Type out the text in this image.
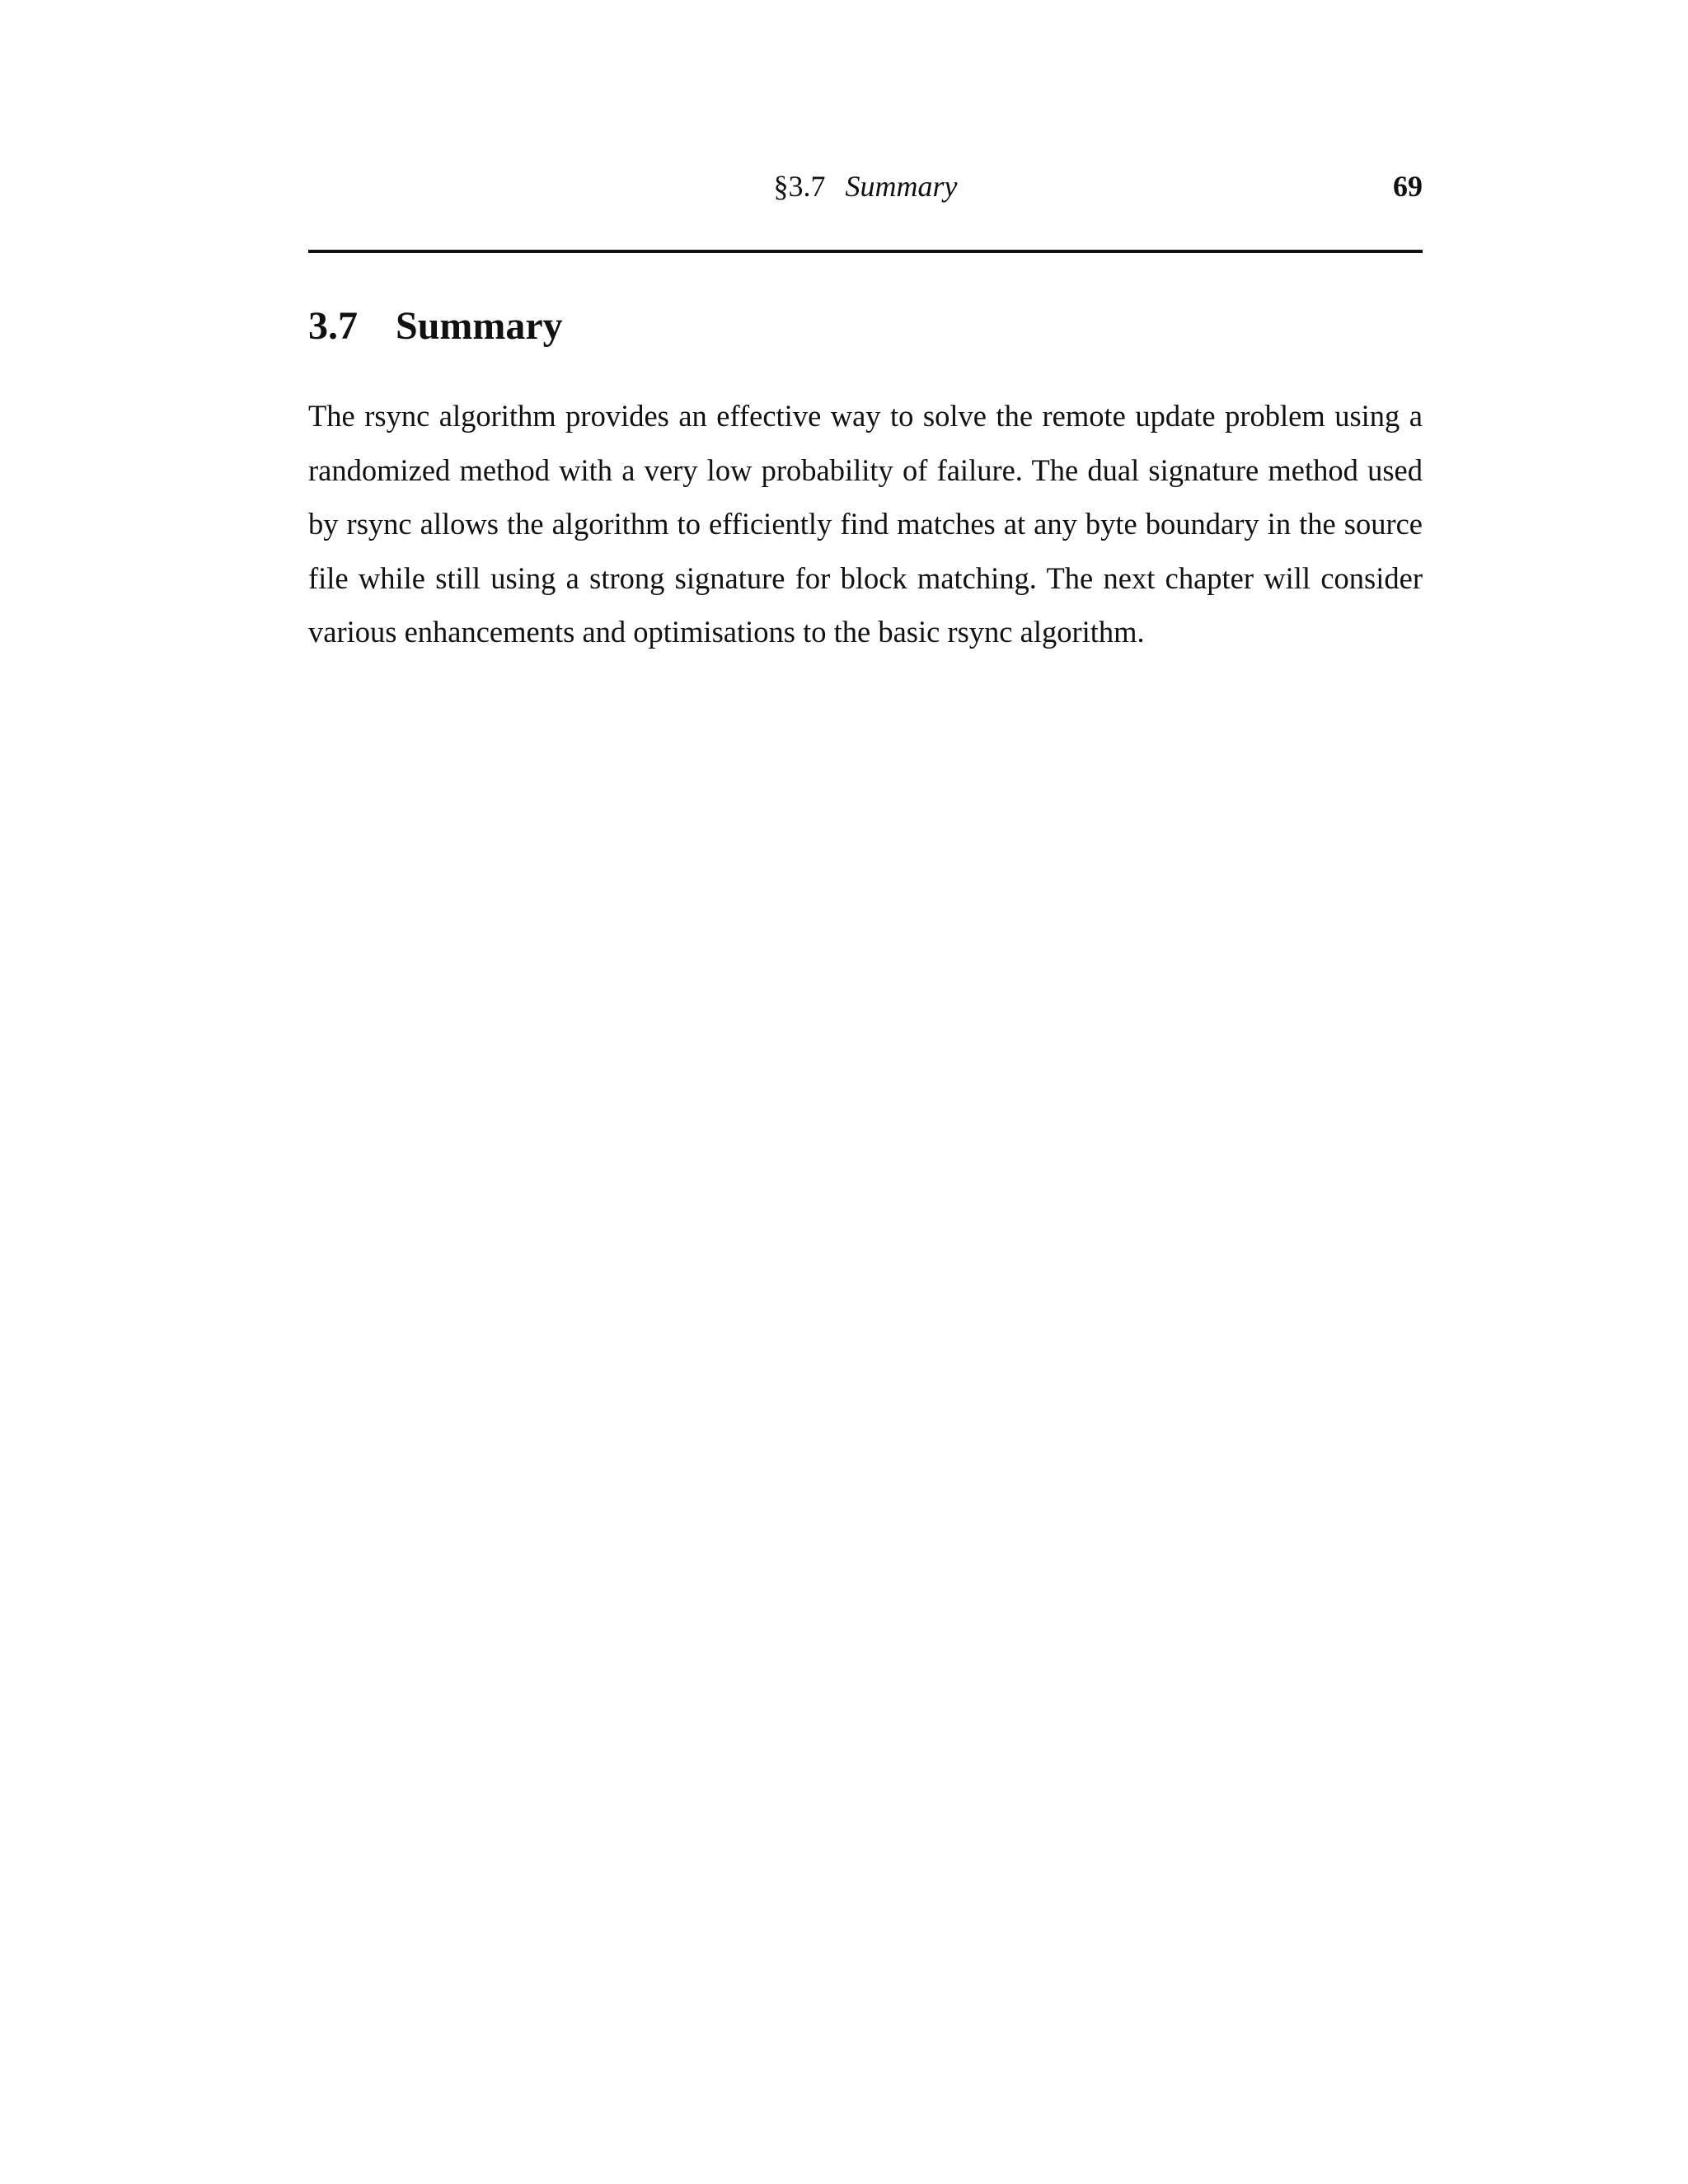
§3.7 Summary	69
3.7 Summary

The rsync algorithm provides an effective way to solve the remote update problem using a randomized method with a very low probability of failure. The dual signature method used by rsync allows the algorithm to efficiently find matches at any byte boundary in the source file while still using a strong signature for block matching. The next chapter will consider various enhancements and optimisations to the basic rsync algorithm.
